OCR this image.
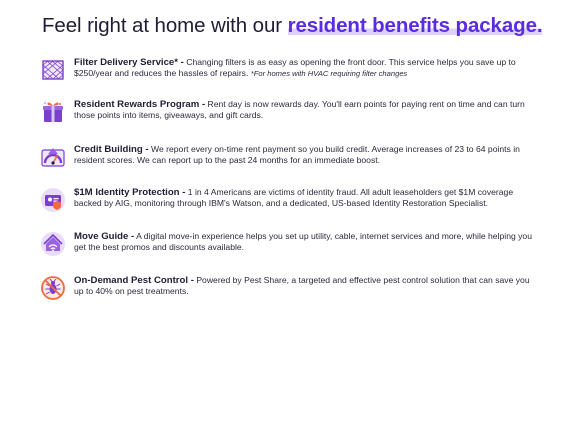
Feel right at home with our resident benefits package.
Filter Delivery Service* - Changing filters is as easy as opening the front door. This service helps you save up to $250/year and reduces the hassles of repairs. *For homes with HVAC requiring filter changes
Resident Rewards Program - Rent day is now rewards day. You'll earn points for paying rent on time and can turn those points into items, giveaways, and gift cards.
Credit Building - We report every on-time rent payment so you build credit. Average increases of 23 to 64 points in resident scores. We can report up to the past 24 months for an immediate boost.
$1M Identity Protection - 1 in 4 Americans are victims of identity fraud. All adult leaseholders get $1M coverage backed by AIG, monitoring through IBM's Watson, and a dedicated, US-based Identity Restoration Specialist.
Move Guide - A digital move-in experience helps you set up utility, cable, internet services and more, while helping you get the best promos and discounts available.
On-Demand Pest Control - Powered by Pest Share, a targeted and effective pest control solution that can save you up to 40% on pest treatments.
